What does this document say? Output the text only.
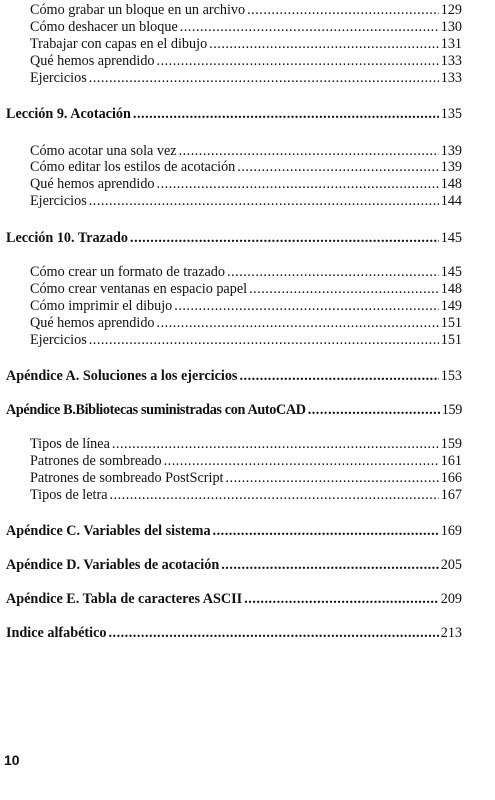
Cómo grabar un bloque en un archivo .....	129
Cómo deshacer un bloque .....	130
Trabajar con capas en el dibujo .....	131
Qué hemos aprendido .....	133
Ejercicios .....	133
Lección 9. Acotación .....	135
Cómo acotar una sola vez .....	139
Cómo editar los estilos de acotación .....	139
Qué hemos aprendido .....	148
Ejercicios .....	144
Lección 10. Trazado .....	145
Cómo crear un formato de trazado .....	145
Cómo crear ventanas en espacio papel .....	148
Cómo imprimir el dibujo .....	149
Qué hemos aprendido .....	151
Ejercicios .....	151
Apéndice A. Soluciones a los ejercicios .....	153
Apéndice B.Bibliotecas suministradas con AutoCAD .....	159
Tipos de línea .....	159
Patrones de sombreado .....	161
Patrones de sombreado PostScript .....	166
Tipos de letra .....	167
Apéndice C. Variables del sistema .....	169
Apéndice D. Variables de acotación .....	205
Apéndice E. Tabla de caracteres ASCII .....	209
Indice alfabético .....	213
10
